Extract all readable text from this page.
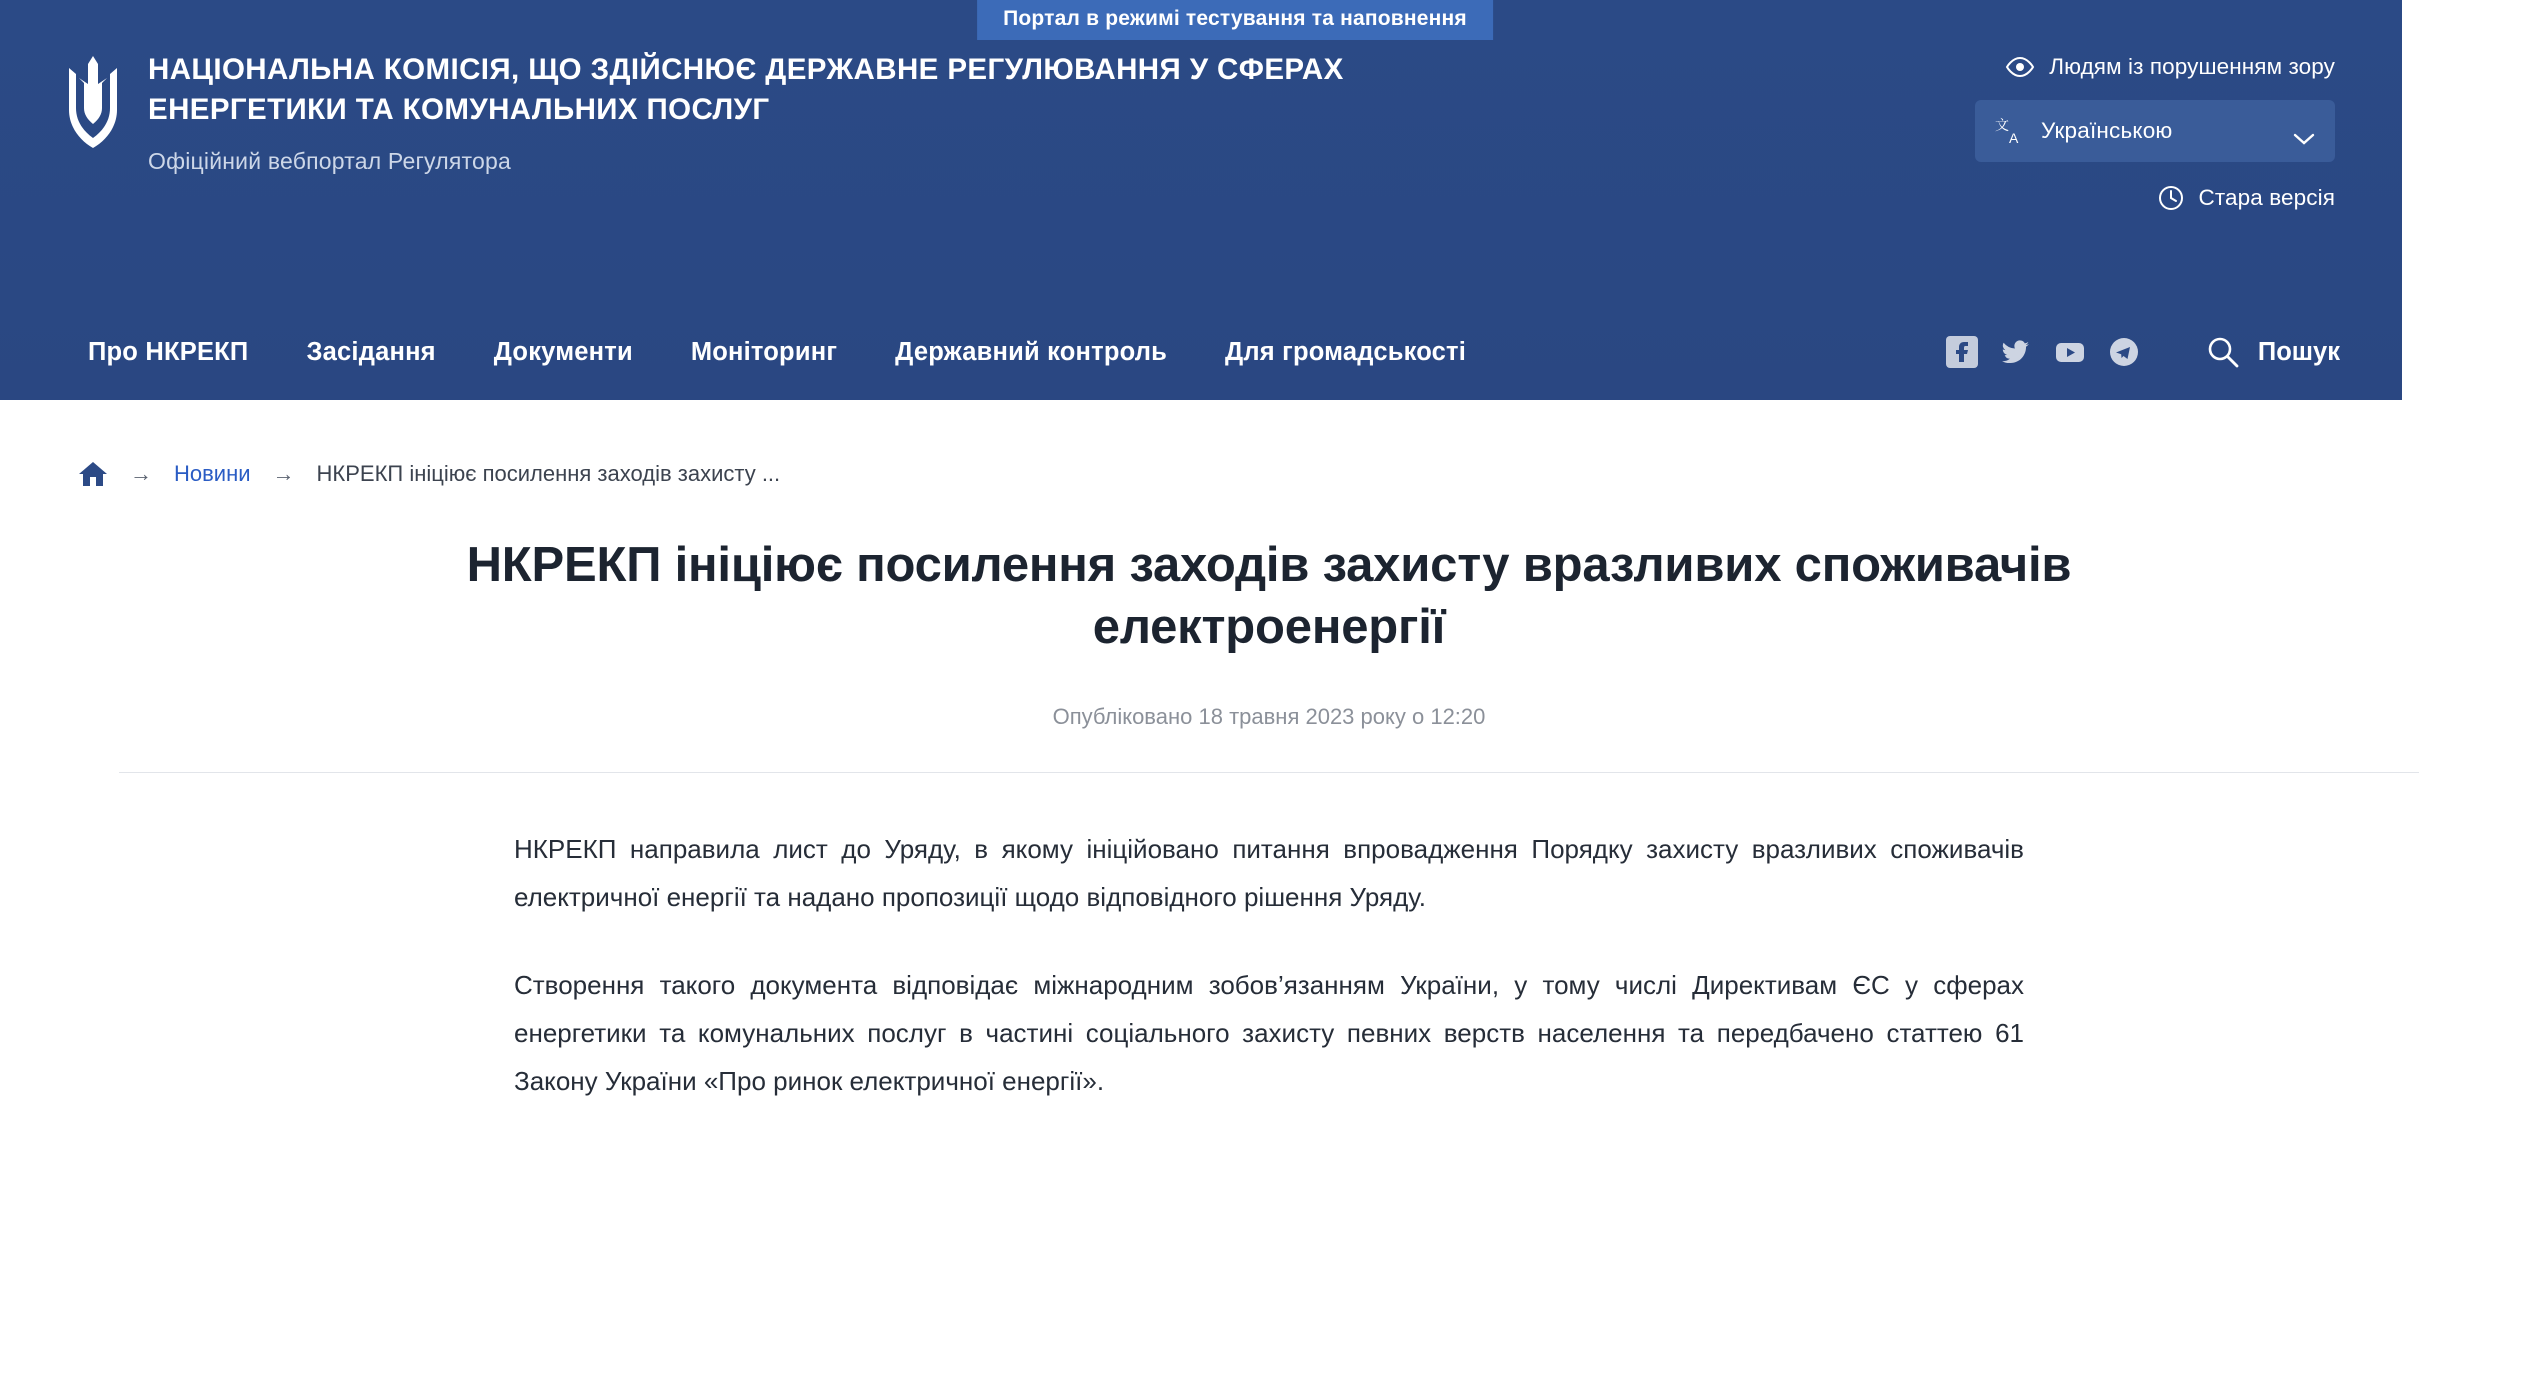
Портал в режимі тестування та наповнення
НАЦІОНАЛЬНА КОМІСІЯ, ЩО ЗДІЙСНЮЄ ДЕРЖАВНЕ РЕГУЛЮВАННЯ У СФЕРАХ ЕНЕРГЕТИКИ ТА КОМУНАЛЬНИХ ПОСЛУГ
Офіційний вебпортал Регулятора
Людям із порушенням зору
文
A Українською
Стара версія
Про НКРЕКП Засідання Документи Моніторинг Державний контроль Для громадськості	Пошук
→ Новини → НКРЕКП ініціює посилення заходів захисту ...
НКРЕКП ініціює посилення заходів захисту вразливих споживачів електроенергії
Опубліковано 18 травня 2023 року о 12:20

НКРЕКП направила лист до Уряду, в якому ініційовано питання впровадження Порядку захисту вразливих споживачів електричної енергії та надано пропозиції щодо відповідного рішення Уряду.

Створення такого документа відповідає міжнародним зобов’язанням України, у тому числі Директивам ЄС у сферах енергетики та комунальних послуг в частині соціального захисту певних верств населення та передбачено статтею 61 Закону України «Про ринок електричної енергії».
